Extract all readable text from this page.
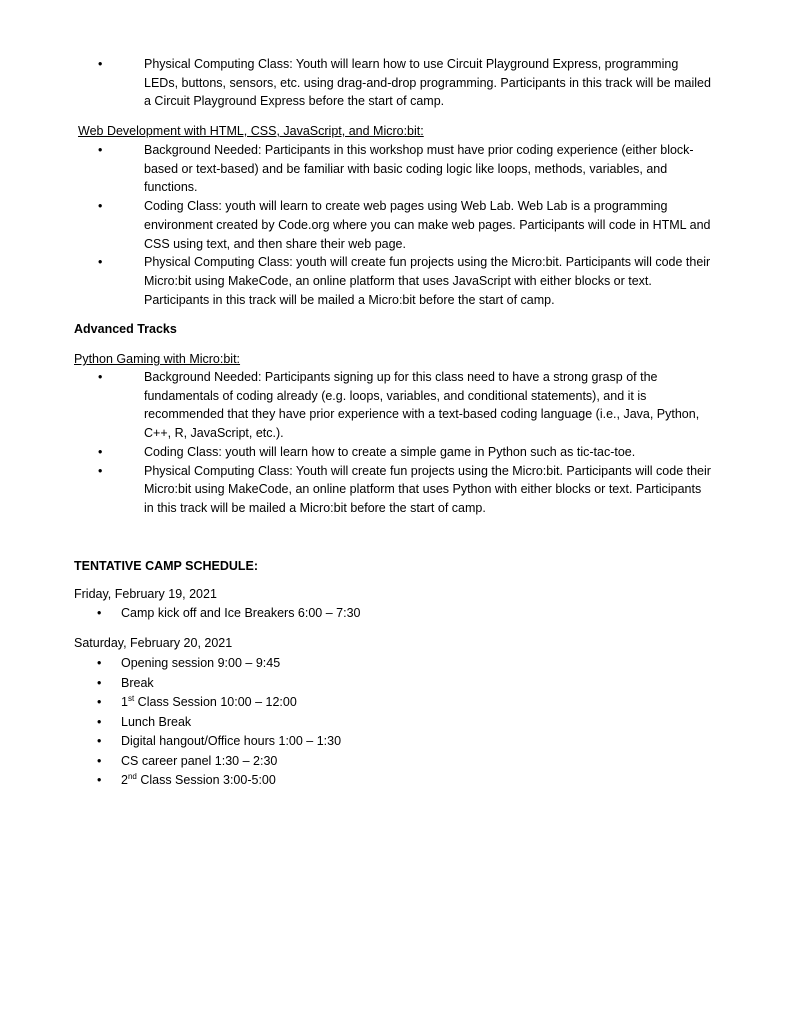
•	Physical Computing Class: Youth will learn how to use Circuit Playground Express, programming LEDs, buttons, sensors, etc. using drag-and-drop programming. Participants in this track will be mailed a Circuit Playground Express before the start of camp.
Web Development with HTML, CSS, JavaScript, and Micro:bit:
•	Background Needed: Participants in this workshop must have prior coding experience (either block-based or text-based) and be familiar with basic coding logic like loops, methods, variables, and functions.
•	Coding Class: youth will learn to create web pages using Web Lab. Web Lab is a programming environment created by Code.org where you can make web pages. Participants will code in HTML and CSS using text, and then share their web page.
•	Physical Computing Class: youth will create fun projects using the Micro:bit. Participants will code their Micro:bit using MakeCode, an online platform that uses JavaScript with either blocks or text. Participants in this track will be mailed a Micro:bit before the start of camp.
Advanced Tracks
Python Gaming with Micro:bit:
•	Background Needed: Participants signing up for this class need to have a strong grasp of the fundamentals of coding already (e.g. loops, variables, and conditional statements), and it is recommended that they have prior experience with a text-based coding language (i.e., Java, Python, C++, R, JavaScript, etc.).
•	Coding Class: youth will learn how to create a simple game in Python such as tic-tac-toe.
•	Physical Computing Class: Youth will create fun projects using the Micro:bit. Participants will code their Micro:bit using MakeCode, an online platform that uses Python with either blocks or text. Participants in this track will be mailed a Micro:bit before the start of camp.
TENTATIVE CAMP SCHEDULE:
Friday, February 19, 2021
• Camp kick off and Ice Breakers 6:00 – 7:30
Saturday, February 20, 2021
• Opening session 9:00 – 9:45
• Break
• 1st Class Session 10:00 – 12:00
• Lunch Break
• Digital hangout/Office hours 1:00 – 1:30
• CS career panel 1:30 – 2:30
• 2nd Class Session 3:00-5:00
